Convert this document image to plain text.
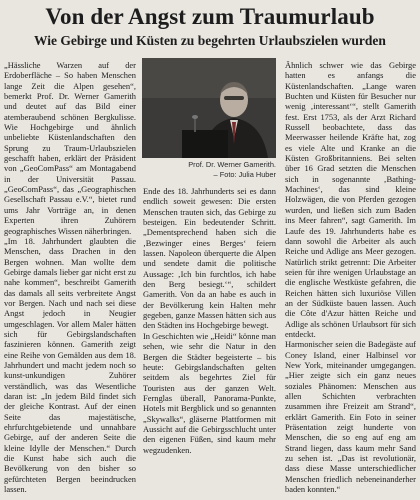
Von der Angst zum Traumurlaub
Wie Gebirge und Küsten zu begehrten Urlaubszielen wurden

„Hässliche Warzen auf der Erdoberfläche – So haben Menschen lange Zeit die Alpen gesehen“, bemerkt Prof. Dr. Werner Gamerith und deutet auf das Bild einer atemberaubend schönen Bergkulisse. Wie Hochgebirge und ähnlich unbeliebte Küstenlandschaften den Sprung zu Traum-Urlaubszielen geschafft haben, erklärt der Präsident von „GeoComPass“ am Montagabend in der Universität Passau. „GeoComPass“, das „Geographischen Gesellschaft Passau e.V.“, bietet rund ums Jahr Vorträge an, in denen Experten ihren Zuhörern geographisches Wissen näherbringen.
„Im 18. Jahrhundert glaubten die Menschen, dass Drachen in den Bergen wohnen. Man wollte dem Gebirge damals lieber gar nicht erst zu nahe kommen“, beschreibt Gamerith das damals all seits verbreitete Angst vor Bergen. Nach und nach sei diese Angst jedoch in Neugier umgeschlagen. Vor allem Maler hätten sich für Gebirgslandschaften faszinieren können. Gamerith zeigt eine Reihe von Gemälden aus dem 18. Jahrhundert und macht jedem noch so kunst-unkundigen Zuhörer verständlich, was das Wesentliche daran ist: „In jedem Bild findet sich der gleiche Kontrast. Auf der einen Seite das majestätische, ehrfurchtgebietende und unnahbare Gebirge, auf der anderen Seite die kleine Idylle der Menschen.“ Durch die Kunst habe sich auch die Bevölkerung von den bisher so gefürchteten Bergen beeindrucken lassen.

Prof. Dr. Werner Gamerith.
– Foto: Julia Huber

Ende des 18. Jahrhunderts sei es dann endlich soweit gewesen: Die ersten Menschen trauten sich, das Gebirge zu besteigen. Ein bedeutender Schritt. „Dementsprechend haben sich die ‚Bezwinger eines Berges‘ feiern lassen. Napoleon überquerte die Alpen und sendete damit die politische Aussage: ‚Ich bin furchtlos, ich habe den Berg besiegt.‘“, schildert Gamerith. Von da an habe es auch in der Bevölkerung kein Halten mehr gegeben, ganze Massen hätten sich aus den Städten ins Hochgebirge bewegt.
In Geschichten wie „Heidi“ könne man sehen, wie sehr die Natur in den Bergen die Städter begeisterte – bis heute: Gebirgslandschaften gelten seitdem als begehrtes Ziel für Touristen aus der ganzen Welt. Fernglas überall, Panorama-Punkte, Hotels mit Bergblick und so genannten „Skywalks“, gläserne Plattformen mit Aussicht auf die Gebirgsschlucht unter den eigenen Füßen, sind kaum mehr wegzudenken.

Ähnlich schwer wie das Gebirge hatten es anfangs die Küstenlandschaften. „Lange waren Buchten und Küsten für Besucher nur wenig ‚interessant‘“, stellt Gamerith fest. Erst 1753, als der Arzt Richard Russell beobachtete, dass das Meerwasser heilende Kräfte hat, zog es viele Alte und Kranke an die Küsten Großbritanniens. Bei selten über 16 Grad setzten die Menschen sich in sogenannte ‚Bathing-Machines‘, das sind kleine Holzwägen, die von Pferden gezogen wurden, und ließen sich zum Baden ins Meer fahren“, sagt Gamerith. Im Laufe des 19. Jahrhunderts habe es dann sowohl die Arbeiter als auch Reiche und Adlige ans Meer gezogen. Natürlich strikt getrennt: Die Arbeiter seien für ihre wenigen Urlaubstage an die englische Westküste gefahren, die Reichen hätten sich luxuriöse Villen an der Südküste bauen lassen. Auch die Côte d'Azur hätten Reiche und Adlige als schönen Urlaubsort für sich entdeckt.
Harmonischer seien die Badegäste auf Coney Island, einer Halbinsel vor New York, miteinander umgegangen. „Hier zeigte sich ein ganz neues soziales Phänomen: Menschen aus allen Schichten verbrachten zusammen ihre Freizeit am Strand“, erklärt Gamerith. Ein Foto in seiner Präsentation zeigt hunderte von Menschen, die so eng auf eng am Strand liegen, dass kaum mehr Sand zu sehen ist. „Das ist revolutionär, dass diese Masse unterschiedlicher Menschen friedlich nebeneinanderher baden konnten.“
